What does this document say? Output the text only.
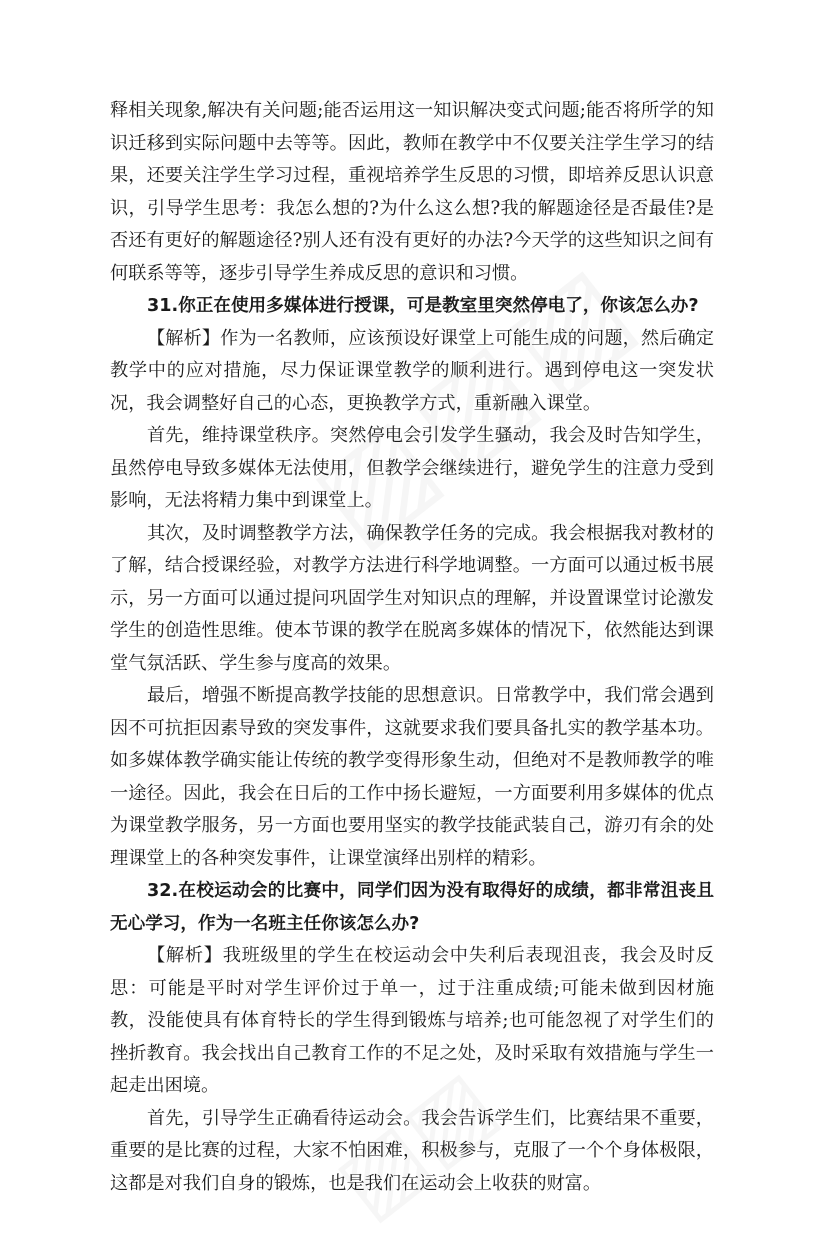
释相关现象,解决有关问题;能否运用这一知识解决变式问题;能否将所学的知识迁移到实际问题中去等等。因此，教师在教学中不仅要关注学生学习的结果，还要关注学生学习过程，重视培养学生反思的习惯，即培养反思认识意识，引导学生思考：我怎么想的?为什么这么想?我的解题途径是否最佳?是否还有更好的解题途径?别人还有没有更好的办法?今天学的这些知识之间有何联系等等，逐步引导学生养成反思的意识和习惯。

31.你正在使用多媒体进行授课，可是教室里突然停电了，你该怎么办?

【解析】作为一名教师，应该预设好课堂上可能生成的问题，然后确定教学中的应对措施，尽力保证课堂教学的顺利进行。遇到停电这一突发状况，我会调整好自己的心态，更换教学方式，重新融入课堂。

首先，维持课堂秩序。突然停电会引发学生骚动，我会及时告知学生，虽然停电导致多媒体无法使用，但教学会继续进行，避免学生的注意力受到影响，无法将精力集中到课堂上。

其次，及时调整教学方法，确保教学任务的完成。我会根据我对教材的了解，结合授课经验，对教学方法进行科学地调整。一方面可以通过板书展示，另一方面可以通过提问巩固学生对知识点的理解，并设置课堂讨论激发学生的创造性思维。使本节课的教学在脱离多媒体的情况下，依然能达到课堂气氛活跃、学生参与度高的效果。

最后，增强不断提高教学技能的思想意识。日常教学中，我们常会遇到因不可抗拒因素导致的突发事件，这就要求我们要具备扎实的教学基本功。如多媒体教学确实能让传统的教学变得形象生动，但绝对不是教师教学的唯一途径。因此，我会在日后的工作中扬长避短，一方面要利用多媒体的优点为课堂教学服务，另一方面也要用坚实的教学技能武装自己，游刃有余的处理课堂上的各种突发事件，让课堂演绎出别样的精彩。

32.在校运动会的比赛中，同学们因为没有取得好的成绩，都非常沮丧且无心学习，作为一名班主任你该怎么办?

【解析】我班级里的学生在校运动会中失利后表现沮丧，我会及时反思：可能是平时对学生评价过于单一，过于注重成绩;可能未做到因材施教，没能使具有体育特长的学生得到锻炼与培养;也可能忽视了对学生们的挫折教育。我会找出自己教育工作的不足之处，及时采取有效措施与学生一起走出困境。

首先，引导学生正确看待运动会。我会告诉学生们，比赛结果不重要，重要的是比赛的过程，大家不怕困难，积极参与，克服了一个个身体极限，这都是对我们自身的锻炼，也是我们在运动会上收获的财富。
